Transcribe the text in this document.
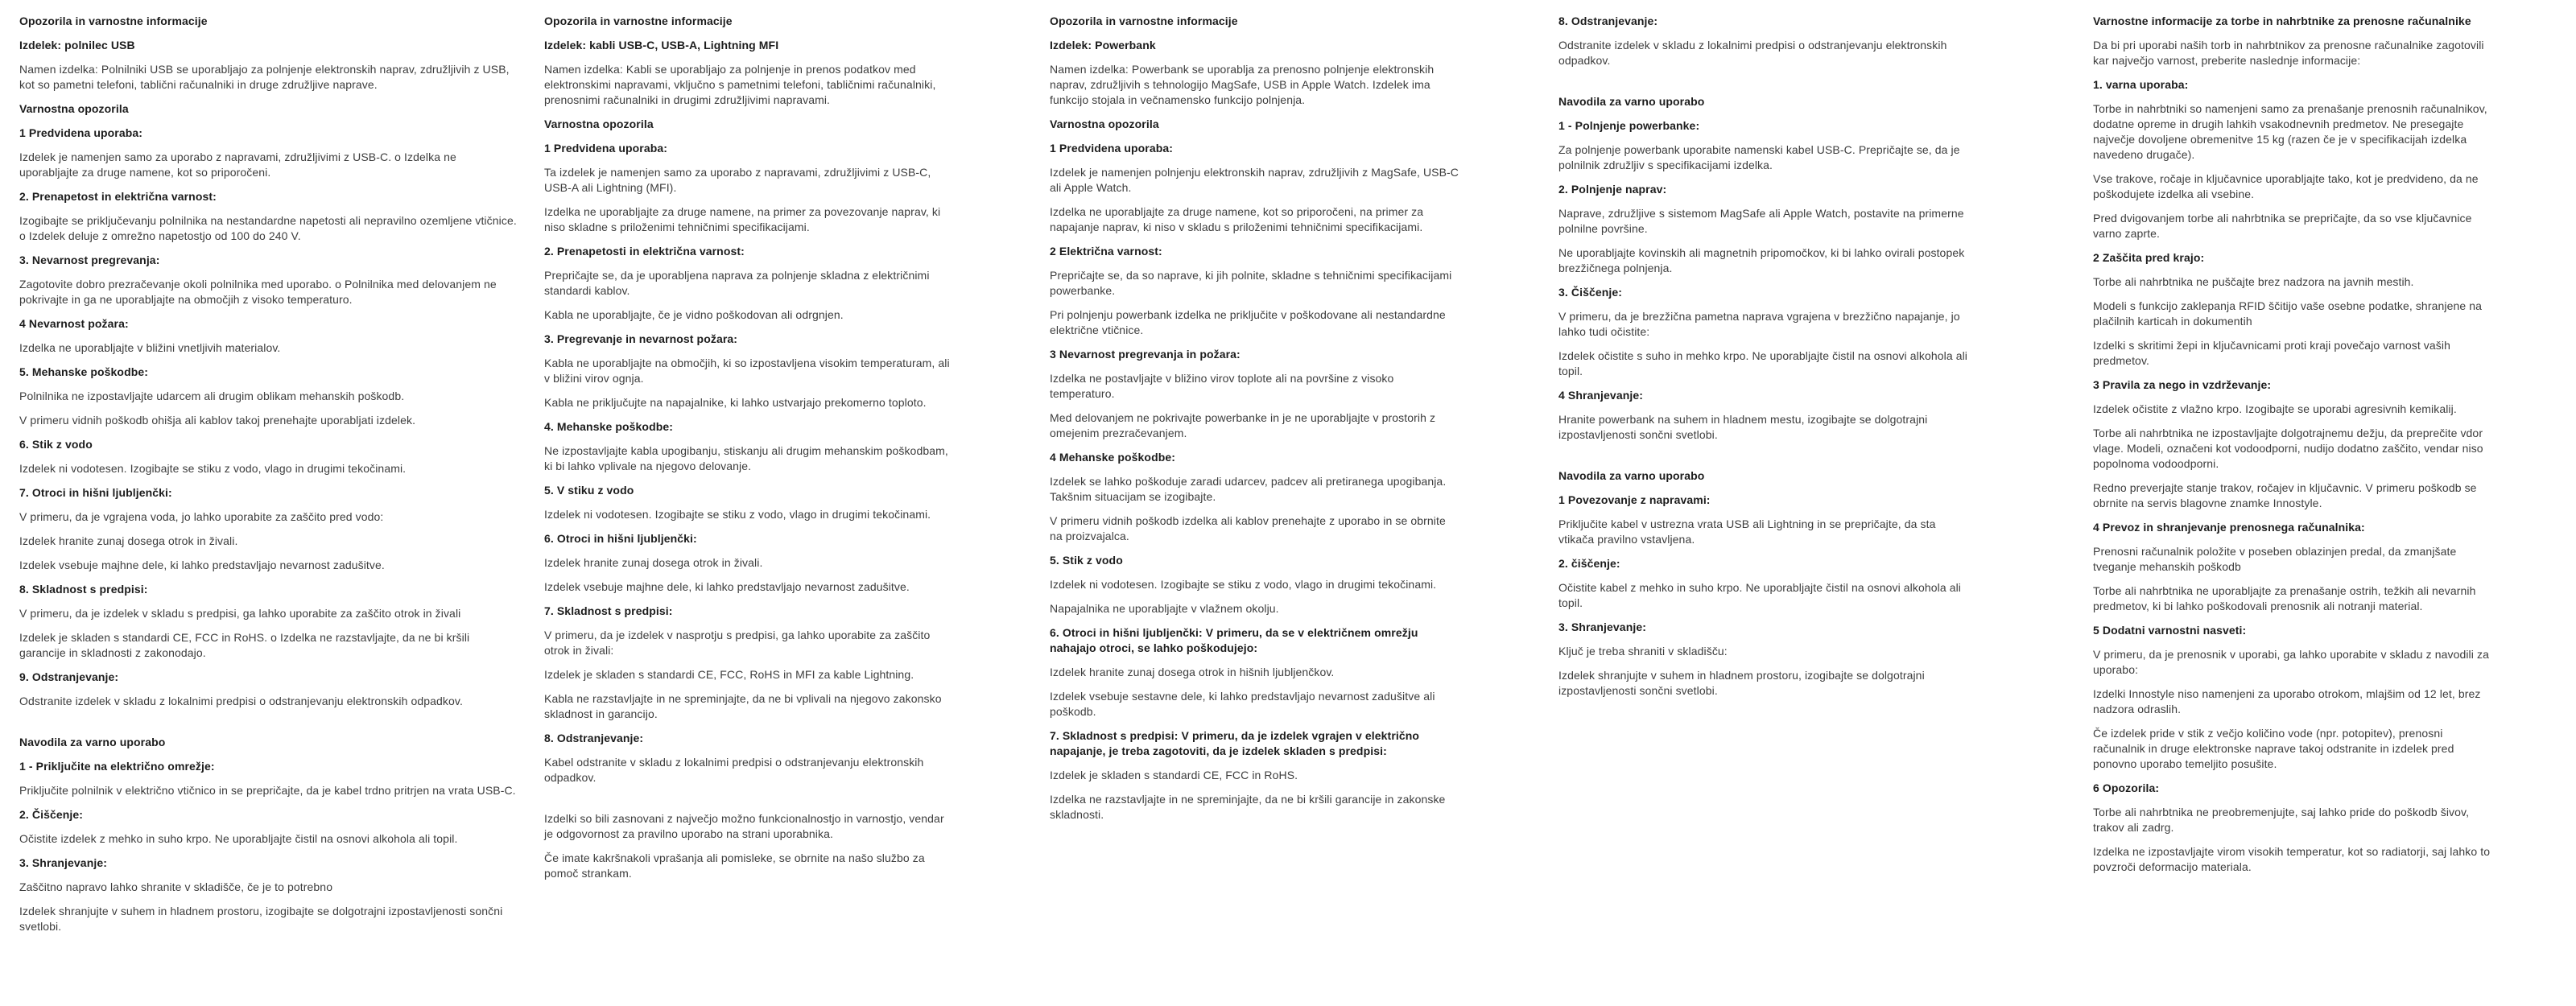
Opozorila in varnostne informacije
Izdelek: polnilec USB

Namen izdelka: Polnilniki USB se uporabljajo za polnjenje elektronskih naprav, združljivih z USB, kot so pametni telefoni, tablični računalniki in druge združljive naprave.

Varnostna opozorila
1 Predvidena uporaba:

Izdelek je namenjen samo za uporabo z napravami, združljivimi z USB-C. o Izdelka ne uporabljajte za druge namene, kot so priporočeni.

2. Prenapetost in električna varnost:

Izogibajte se priključevanju polnilnika na nestandardne napetosti ali nepravilno ozemljene vtičnice. o Izdelek deluje z omrežno napetostjo od 100 do 240 V.

3. Nevarnost pregrevanja:

Zagotovite dobro prezračevanje okoli polnilnika med uporabo. o Polnilnika med delovanjem ne pokrivajte in ga ne uporabljajte na območjih z visoko temperaturo.

4 Nevarnost požara:

Izdelka ne uporabljajte v bližini vnetljivih materialov.

5. Mehanske poškodbe:

Polnilnika ne izpostavljajte udarcem ali drugim oblikam mehanskih poškodb.

V primeru vidnih poškodb ohišja ali kablov takoj prenehajte uporabljati izdelek.

6. Stik z vodo

Izdelek ni vodotesen. Izogibajte se stiku z vodo, vlago in drugimi tekočinami.

7. Otroci in hišni ljubljenčki:

V primeru, da je vgrajena voda, jo lahko uporabite za zaščito pred vodo:

Izdelek hranite zunaj dosega otrok in živali.

Izdelek vsebuje majhne dele, ki lahko predstavljajo nevarnost zadušitve.

8. Skladnost s predpisi:

V primeru, da je izdelek v skladu s predpisi, ga lahko uporabite za zaščito otrok in živali

Izdelek je skladen s standardi CE, FCC in RoHS. o Izdelka ne razstavljajte, da ne bi kršili garancije in skladnosti z zakonodajo.

9. Odstranjevanje:

Odstranite izdelek v skladu z lokalnimi predpisi o odstranjevanju elektronskih odpadkov.

Navodila za varno uporabo
1 - Priključite na električno omrežje:

Priključite polnilnik v električno vtičnico in se prepričajte, da je kabel trdno pritrjen na vrata USB-C.

2. Čiščenje:

Očistite izdelek z mehko in suho krpo. Ne uporabljajte čistil na osnovi alkohola ali topil.

3. Shranjevanje:

Zaščitno napravo lahko shranite v skladišče, če je to potrebno

Izdelek shranjujte v suhem in hladnem prostoru, izogibajte se dolgotrajni izpostavljenosti sončni svetlobi.

Opozorila in varnostne informacije
Izdelek: kabli USB-C, USB-A, Lightning MFI

Namen izdelka: Kabli se uporabljajo za polnjenje in prenos podatkov med elektronskimi napravami, vključno s pametnimi telefoni, tabličnimi računalniki, prenosnimi računalniki in drugimi združljivimi napravami.

Varnostna opozorila
1 Predvidena uporaba:

Ta izdelek je namenjen samo za uporabo z napravami, združljivimi z USB-C, USB-A ali Lightning (MFI).

Izdelka ne uporabljajte za druge namene, na primer za povezovanje naprav, ki niso skladne s priloženimi tehničnimi specifikacijami.

2. Prenapetosti in električna varnost:

Prepričajte se, da je uporabljena naprava za polnjenje skladna z električnimi standardi kablov.

Kabla ne uporabljajte, če je vidno poškodovan ali odrgnjen.

3. Pregrevanje in nevarnost požara:

Kabla ne uporabljajte na območjih, ki so izpostavljena visokim temperaturam, ali v bližini virov ognja.

Kabla ne priključujte na napajalnike, ki lahko ustvarjajo prekomerno toploto.

4. Mehanske poškodbe:

Ne izpostavljajte kabla upogibanju, stiskanju ali drugim mehanskim poškodbam, ki bi lahko vplivale na njegovo delovanje.

5. V stiku z vodo

Izdelek ni vodotesen. Izogibajte se stiku z vodo, vlago in drugimi tekočinami.

6. Otroci in hišni ljubljenčki:

Izdelek hranite zunaj dosega otrok in živali.

Izdelek vsebuje majhne dele, ki lahko predstavljajo nevarnost zadušitve.

7. Skladnost s predpisi:

V primeru, da je izdelek v nasprotju s predpisi, ga lahko uporabite za zaščito otrok in živali:

Izdelek je skladen s standardi CE, FCC, RoHS in MFI za kable Lightning.

Kabla ne razstavljajte in ne spreminjajte, da ne bi vplivali na njegovo zakonsko skladnost in garancijo.

8. Odstranjevanje:

Kabel odstranite v skladu z lokalnimi predpisi o odstranjevanju elektronskih odpadkov.

Izdelki so bili zasnovani z največjo možno funkcionalnostjo in varnostjo, vendar je odgovornost za pravilno uporabo na strani uporabnika.

Če imate kakršnakoli vprašanja ali pomisleke, se obrnite na našo službo za pomoč strankam.

Opozorila in varnostne informacije
Izdelek: Powerbank

Namen izdelka: Powerbank se uporablja za prenosno polnjenje elektronskih naprav, združljivih s tehnologijo MagSafe, USB in Apple Watch. Izdelek ima funkcijo stojala in večnamensko funkcijo polnjenja.

Varnostna opozorila
1 Predvidena uporaba:

Izdelek je namenjen polnjenju elektronskih naprav, združljivih z MagSafe, USB-C ali Apple Watch.

Izdelka ne uporabljajte za druge namene, kot so priporočeni, na primer za napajanje naprav, ki niso v skladu s priloženimi tehničnimi specifikacijami.

2 Električna varnost:

Prepričajte se, da so naprave, ki jih polnite, skladne s tehničnimi specifikacijami powerbanke.

Pri polnjenju powerbank izdelka ne priključite v poškodovane ali nestandardne električne vtičnice.

3 Nevarnost pregrevanja in požara:

Izdelka ne postavljajte v bližino virov toplote ali na površine z visoko temperaturo.

Med delovanjem ne pokrivajte powerbanke in je ne uporabljajte v prostorih z omejenim prezračevanjem.

4 Mehanske poškodbe:

Izdelek se lahko poškoduje zaradi udarcev, padcev ali pretiranega upogibanja. Takšnim situacijam se izogibajte.

V primeru vidnih poškodb izdelka ali kablov prenehajte z uporabo in se obrnite na proizvajalca.

5. Stik z vodo

Izdelek ni vodotesen. Izogibajte se stiku z vodo, vlago in drugimi tekočinami.

Napajalnika ne uporabljajte v vlažnem okolju.

6. Otroci in hišni ljubljenčki: V primeru, da se v električnem omrežju nahajajo otroci, se lahko poškodujejo:

Izdelek hranite zunaj dosega otrok in hišnih ljubljenčkov.

Izdelek vsebuje sestavne dele, ki lahko predstavljajo nevarnost zadušitve ali poškodb.

7. Skladnost s predpisi: V primeru, da je izdelek vgrajen v električno napajanje, je treba zagotoviti, da je izdelek skladen s predpisi:

Izdelek je skladen s standardi CE, FCC in RoHS.

Izdelka ne razstavljajte in ne spreminjajte, da ne bi kršili garancije in zakonske skladnosti.

8. Odstranjevanje:

Odstranite izdelek v skladu z lokalnimi predpisi o odstranjevanju elektronskih odpadkov.

Navodila za varno uporabo
1 - Polnjenje powerbanke:

Za polnjenje powerbank uporabite namenski kabel USB-C. Prepričajte se, da je polnilnik združljiv s specifikacijami izdelka.

2. Polnjenje naprav:

Naprave, združljive s sistemom MagSafe ali Apple Watch, postavite na primerne polnilne površine.

Ne uporabljajte kovinskih ali magnetnih pripomočkov, ki bi lahko ovirali postopek brezžičnega polnjenja.

3. Čiščenje:

V primeru, da je brezžična pametna naprava vgrajena v brezžično napajanje, jo lahko tudi očistite:

Izdelek očistite s suho in mehko krpo. Ne uporabljajte čistil na osnovi alkohola ali topil.

4 Shranjevanje:

Hranite powerbank na suhem in hladnem mestu, izogibajte se dolgotrajni izpostavljenosti sončni svetlobi.

Navodila za varno uporabo
1 Povezovanje z napravami:

Priključite kabel v ustrezna vrata USB ali Lightning in se prepričajte, da sta vtikača pravilno vstavljena.

2. čiščenje:

Očistite kabel z mehko in suho krpo. Ne uporabljajte čistil na osnovi alkohola ali topil.

3. Shranjevanje:

Ključ je treba shraniti v skladišču:

Izdelek shranjujte v suhem in hladnem prostoru, izogibajte se dolgotrajni izpostavljenosti sončni svetlobi.

Varnostne informacije za torbe in nahrbtnike za prenosne računalnike

Da bi pri uporabi naših torb in nahrbtnikov za prenosne računalnike zagotovili kar največjo varnost, preberite naslednje informacije:

1. varna uporaba:

Torbe in nahrbtniki so namenjeni samo za prenašanje prenosnih računalnikov, dodatne opreme in drugih lahkih vsakodnevnih predmetov. Ne presegajte največje dovoljene obremenitve 15 kg (razen če je v specifikacijah izdelka navedeno drugače).

Vse trakove, ročaje in ključavnice uporabljajte tako, kot je predvideno, da ne poškodujete izdelka ali vsebine.

Pred dvigovanjem torbe ali nahrbtnika se prepričajte, da so vse ključavnice varno zaprte.

2 Zaščita pred krajo:

Torbe ali nahrbtnika ne puščajte brez nadzora na javnih mestih.

Modeli s funkcijo zaklepanja RFID ščitijo vaše osebne podatke, shranjene na plačilnih karticah in dokumentih

Izdelki s skritimi žepi in ključavnicami proti kraji povečajo varnost vaših predmetov.

3 Pravila za nego in vzdrževanje:

Izdelek očistite z vlažno krpo. Izogibajte se uporabi agresivnih kemikalij.

Torbe ali nahrbtnika ne izpostavljajte dolgotrajnemu dežju, da preprečite vdor vlage. Modeli, označeni kot vodoodporni, nudijo dodatno zaščito, vendar niso popolnoma vodoodporni.

Redno preverjajte stanje trakov, ročajev in ključavnic. V primeru poškodb se obrnite na servis blagovne znamke Innostyle.

4 Prevoz in shranjevanje prenosnega računalnika:

Prenosni računalnik položite v poseben oblazinjen predal, da zmanjšate tveganje mehanskih poškodb

Torbe ali nahrbtnika ne uporabljajte za prenašanje ostrih, težkih ali nevarnih predmetov, ki bi lahko poškodovali prenosnik ali notranji material.

5 Dodatni varnostni nasveti:

V primeru, da je prenosnik v uporabi, ga lahko uporabite v skladu z navodili za uporabo:

Izdelki Innostyle niso namenjeni za uporabo otrokom, mlajšim od 12 let, brez nadzora odraslih.

Če izdelek pride v stik z večjo količino vode (npr. potopitev), prenosni računalnik in druge elektronske naprave takoj odstranite in izdelek pred ponovno uporabo temeljito posušite.

6 Opozorila:

Torbe ali nahrbtnika ne preobremenjujte, saj lahko pride do poškodb šivov, trakov ali zadrg.

Izdelka ne izpostavljajte virom visokih temperatur, kot so radiatorji, saj lahko to povzroči deformacijo materiala.
